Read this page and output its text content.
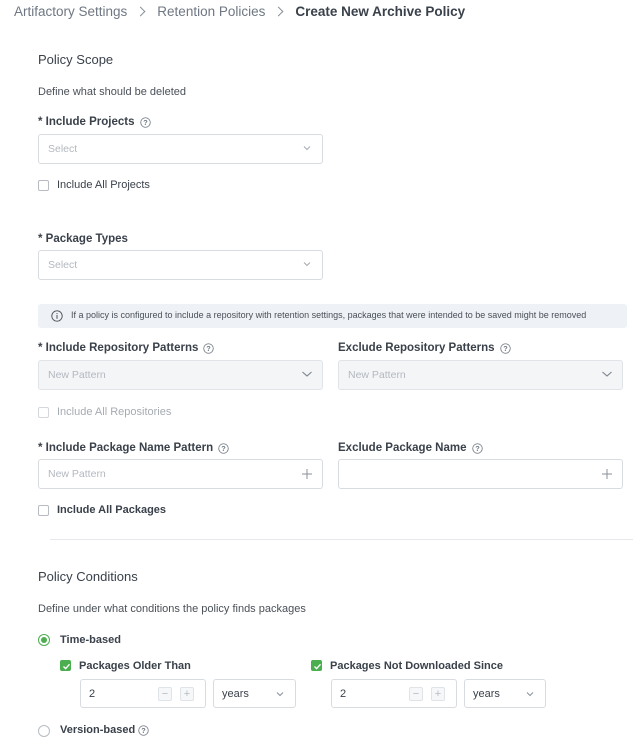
Artifactory Settings Retention Policies Create New Archive Policy
Policy Scope
Define what should be deleted
* Include Projects ?
Select
Include All Projects
* Package Types
Select
If a policy is configured to include a repository with retention settings, packages that were intended to be saved might be removed
* Include Repository Patterns ?
New Pattern
Exclude Repository Patterns ?
New Pattern
Include All Repositories
* Include Package Name Pattern ?
New Pattern
Exclude Package Name ?
Include All Packages
Policy Conditions
Define under what conditions the policy finds packages
Time-based
Packages Older Than
2	− +	years
Packages Not Downloaded Since
2	− +	years
Version-based ?
